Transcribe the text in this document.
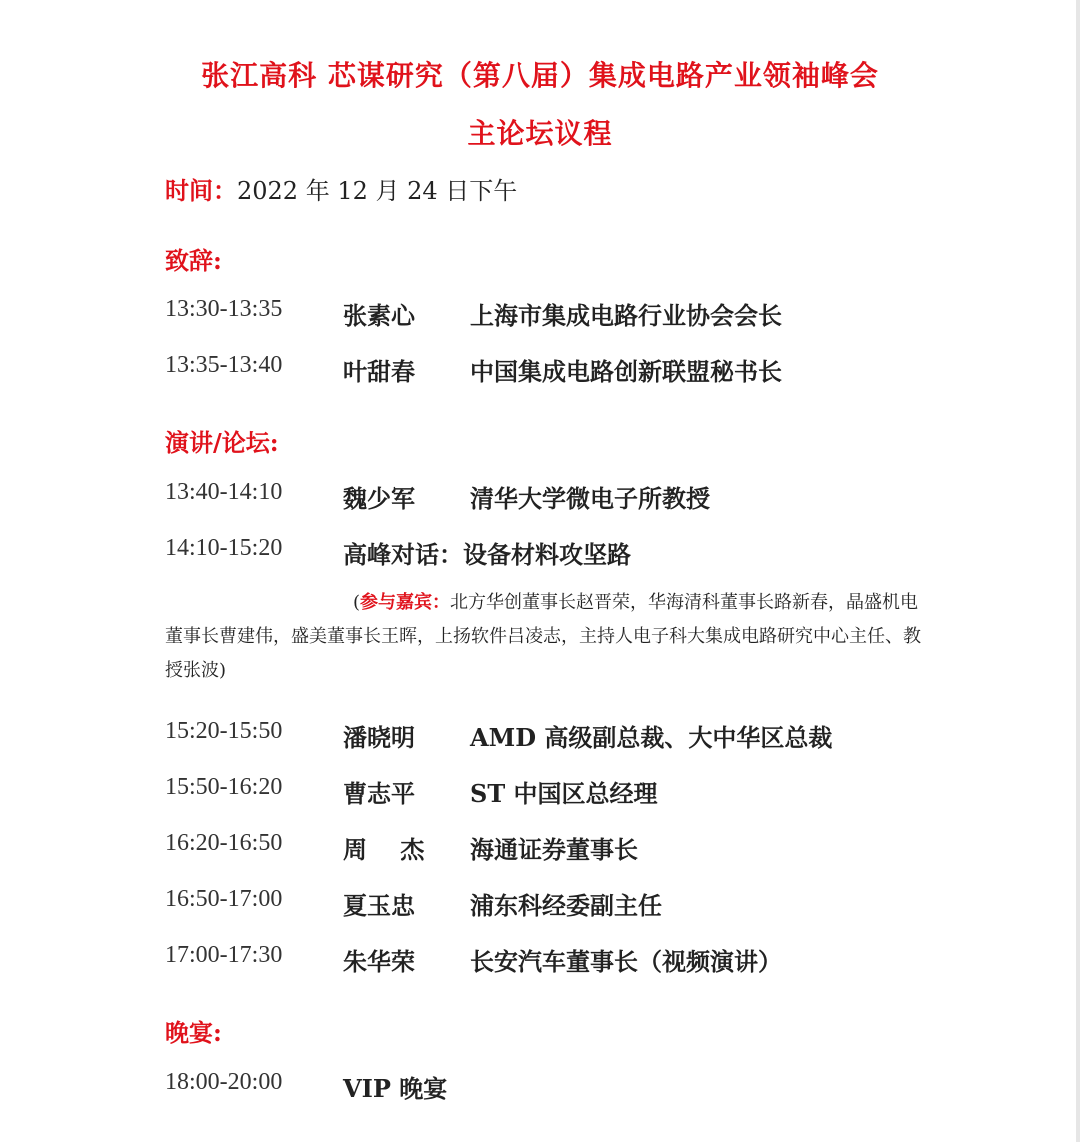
张江高科 芯谋研究（第八届）集成电路产业领袖峰会
主论坛议程
时间：2022 年 12 月 24 日下午
致辞:
13:30-13:35	张素心 上海市集成电路行业协会会长
13:35-13:40	叶甜春 中国集成电路创新联盟秘书长
演讲/论坛:
13:40-14:10	魏少军 清华大学微电子所教授
14:10-15:20	高峰对话：设备材料攻坚路
(参与嘉宾：北方华创董事长赵晋荣，华海清科董事长路新春，晶盛机电董事长曹建伟，盛美董事长王晖，上扬软件吕凌志，主持人电子科大集成电路研究中心主任、教授张波)
15:20-15:50	潘晓明 AMD 高级副总裁、大中华区总裁
15:50-16:20	曹志平 ST 中国区总经理
16:20-16:50	周    杰 海通证券董事长
16:50-17:00	夏玉忠 浦东科经委副主任
17:00-17:30	朱华荣 长安汽车董事长（视频演讲）
晚宴:
18:00-20:00	VIP 晚宴
